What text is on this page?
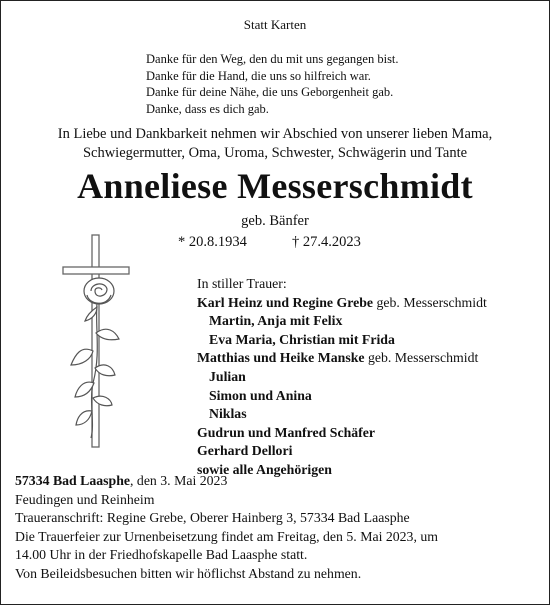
Statt Karten
Danke für den Weg, den du mit uns gegangen bist.
Danke für die Hand, die uns so hilfreich war.
Danke für deine Nähe, die uns Geborgenheit gab.
Danke, dass es dich gab.
In Liebe und Dankbarkeit nehmen wir Abschied von unserer lieben Mama,
Schwiegermutter, Oma, Uroma, Schwester, Schwägerin und Tante
Anneliese Messerschmidt
geb. Bänfer
* 20.8.1934	† 27.4.2023
In stiller Trauer:
Karl Heinz und Regine Grebe geb. Messerschmidt
Martin, Anja mit Felix
Eva Maria, Christian mit Frida
Matthias und Heike Manske geb. Messerschmidt
Julian
Simon und Anina
Niklas
Gudrun und Manfred Schäfer
Gerhard Dellori
sowie alle Angehörigen
57334 Bad Laasphe, den 3. Mai 2023
Feudingen und Reinheim
Traueranschrift: Regine Grebe, Oberer Hainberg 3, 57334 Bad Laasphe
Die Trauerfeier zur Urnenbeisetzung findet am Freitag, den 5. Mai 2023, um
14.00 Uhr in der Friedhofskapelle Bad Laasphe statt.
Von Beileidsbesuchen bitten wir höflichst Abstand zu nehmen.
